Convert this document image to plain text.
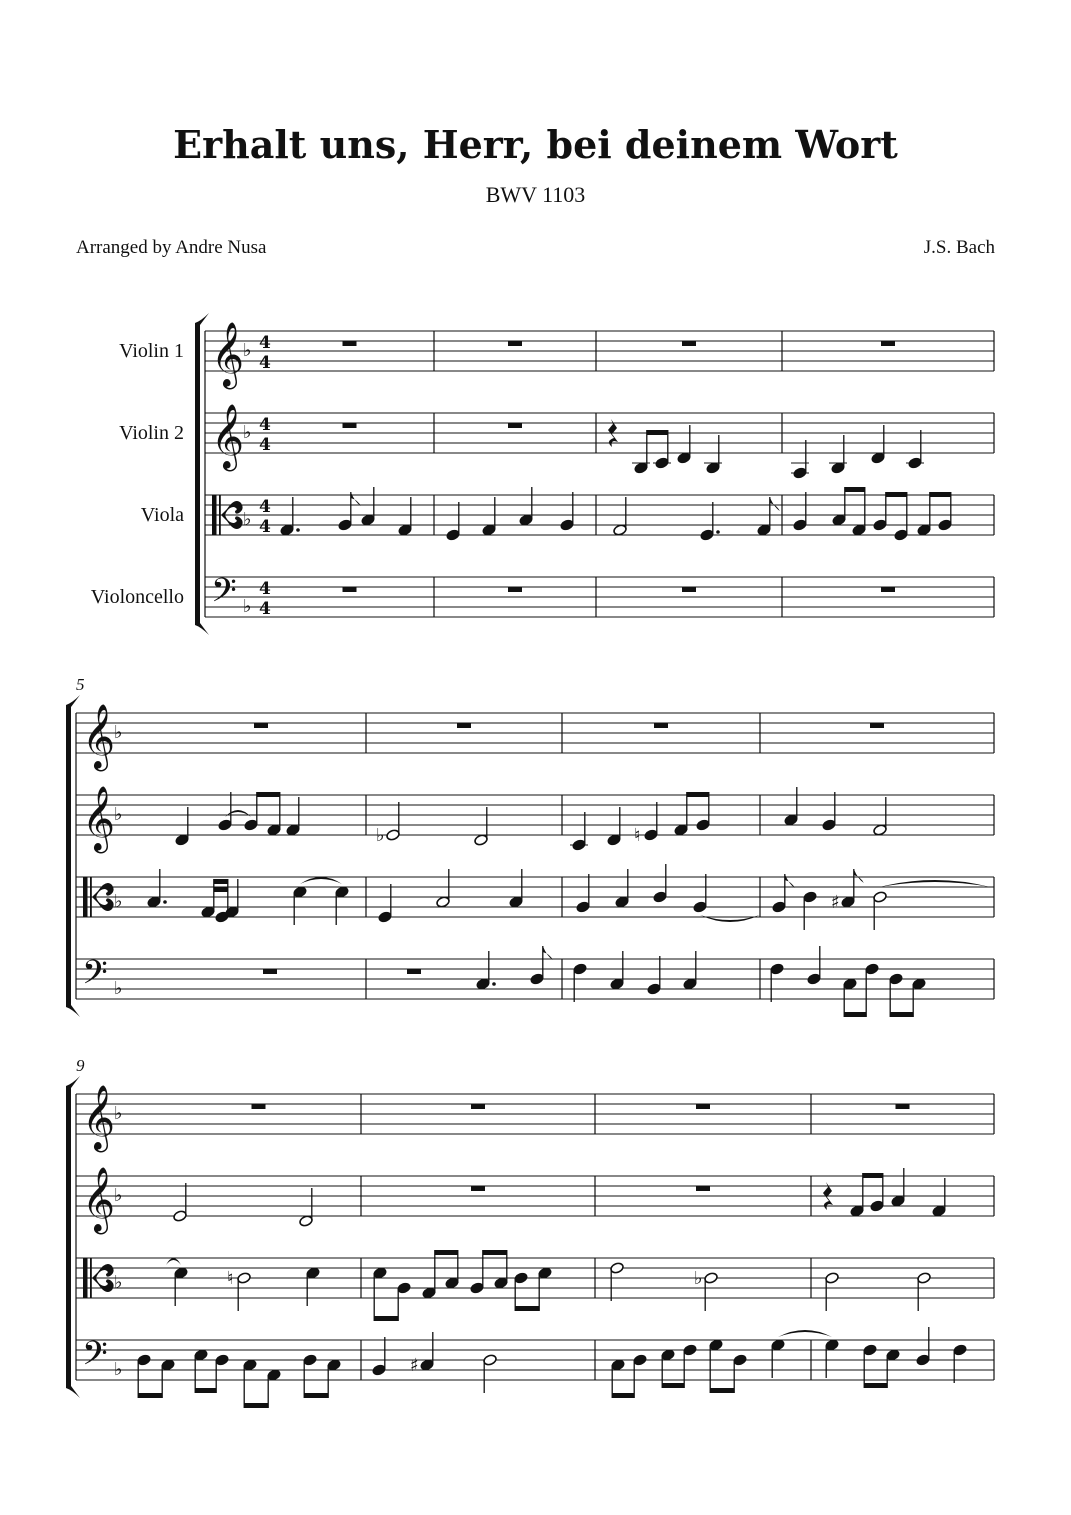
Erhalt uns, Herr, bei deinem Wort
BWV 1103
Arranged by Andre Nusa	J.S. Bach
Violin 1
Violin 2
Viola
Violoncello
5
9
𝄞
♭ 4
4
𝄞
♭ 4
4
♭
4
4
𝄢 ♭
4
4
𝄞
♭
𝄞
♭
♭
𝄢 ♭
𝄞
♭
𝄞
♭
♭
𝄢 ♭
♭	♮
♯
♮	♭
♯
